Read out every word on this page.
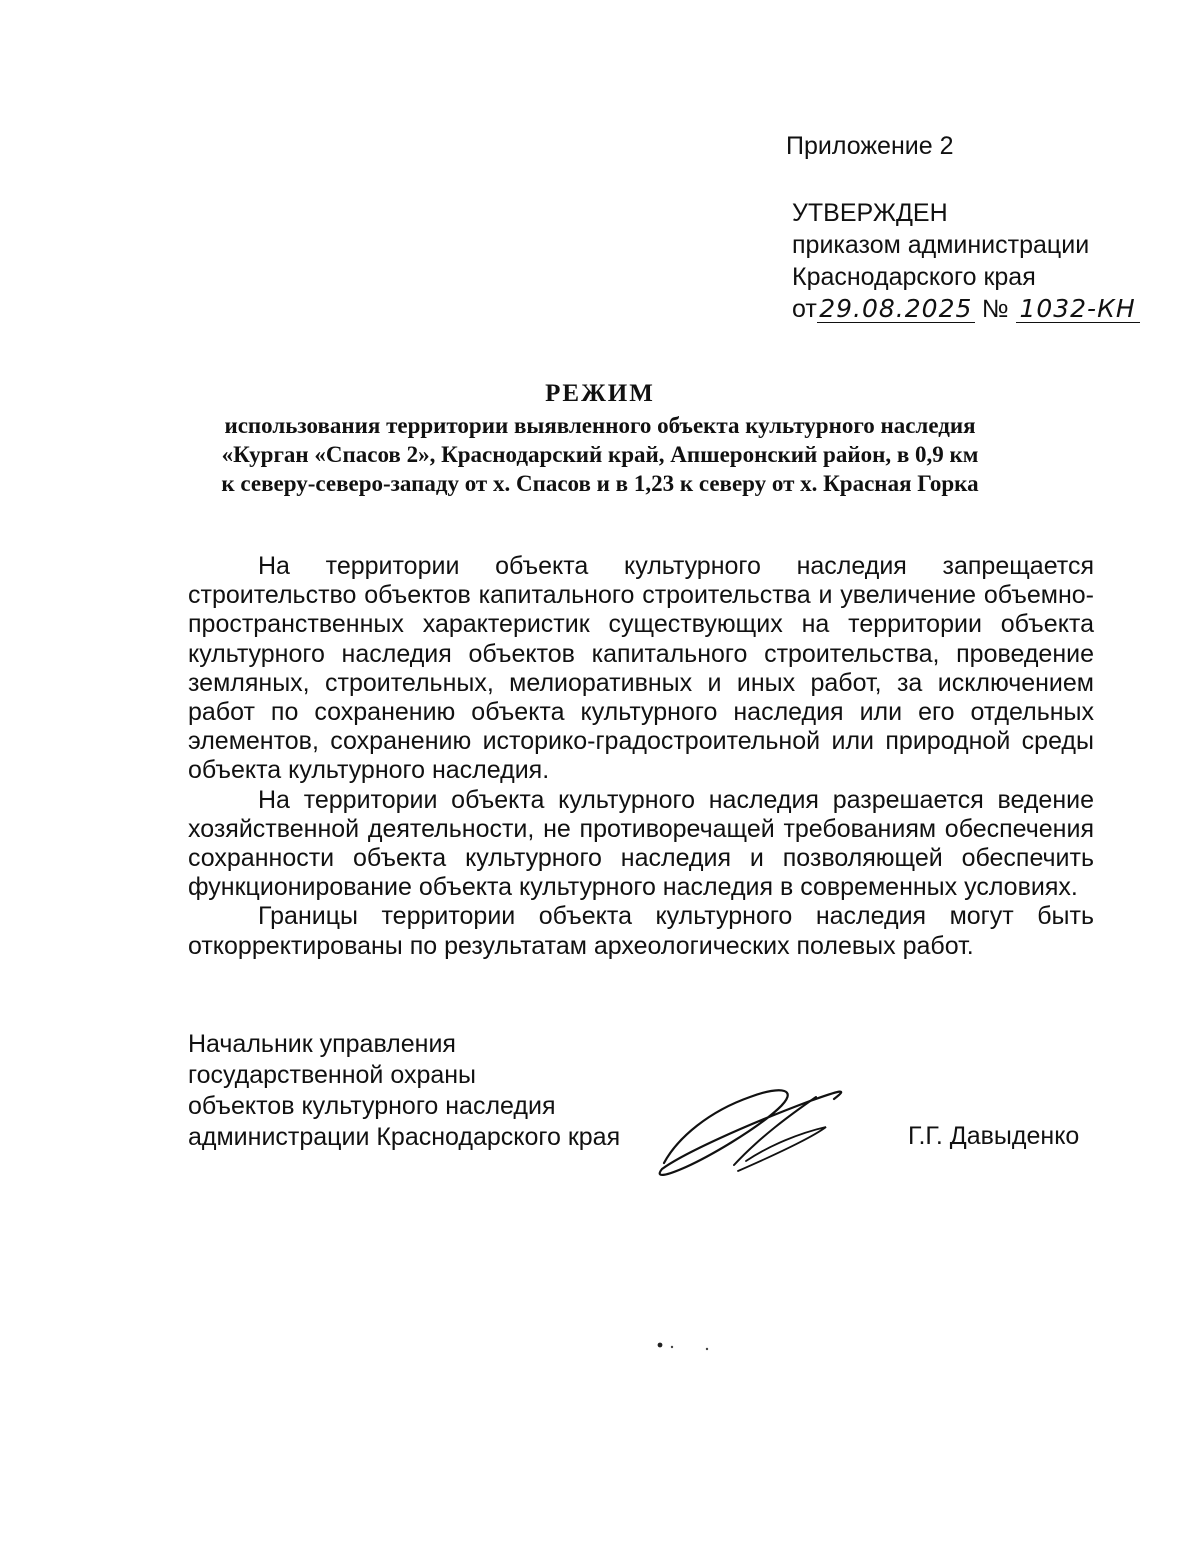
Приложение 2
УТВЕРЖДЕН
приказом администрации
Краснодарского края
от29.08.2025 № 1032-КН
РЕЖИМ
использования территории выявленного объекта культурного наследия
«Курган «Спасов 2», Краснодарский край, Апшеронский район, в 0,9 км
к северу-северо-западу от х. Спасов и в 1,23 к северу от х. Красная Горка

На территории объекта культурного наследия запрещается строительство объектов капитального строительства и увеличение объемно-пространственных характеристик существующих на территории объекта культурного наследия объектов капитального строительства, проведение земляных, строительных, мелиоративных и иных работ, за исключением работ по сохранению объекта культурного наследия или его отдельных элементов, сохранению историко-градостроительной или природной среды объекта культурного наследия.

На территории объекта культурного наследия разрешается ведение хозяйственной деятельности, не противоречащей требованиям обеспечения сохранности объекта культурного наследия и позволяющей обеспечить функционирование объекта культурного наследия в современных условиях.

Границы территории объекта культурного наследия могут быть откорректированы по результатам археологических полевых работ.

Начальник управления
государственной охраны
объектов культурного наследия
администрации Краснодарского края	Г.Г. Давыденко
